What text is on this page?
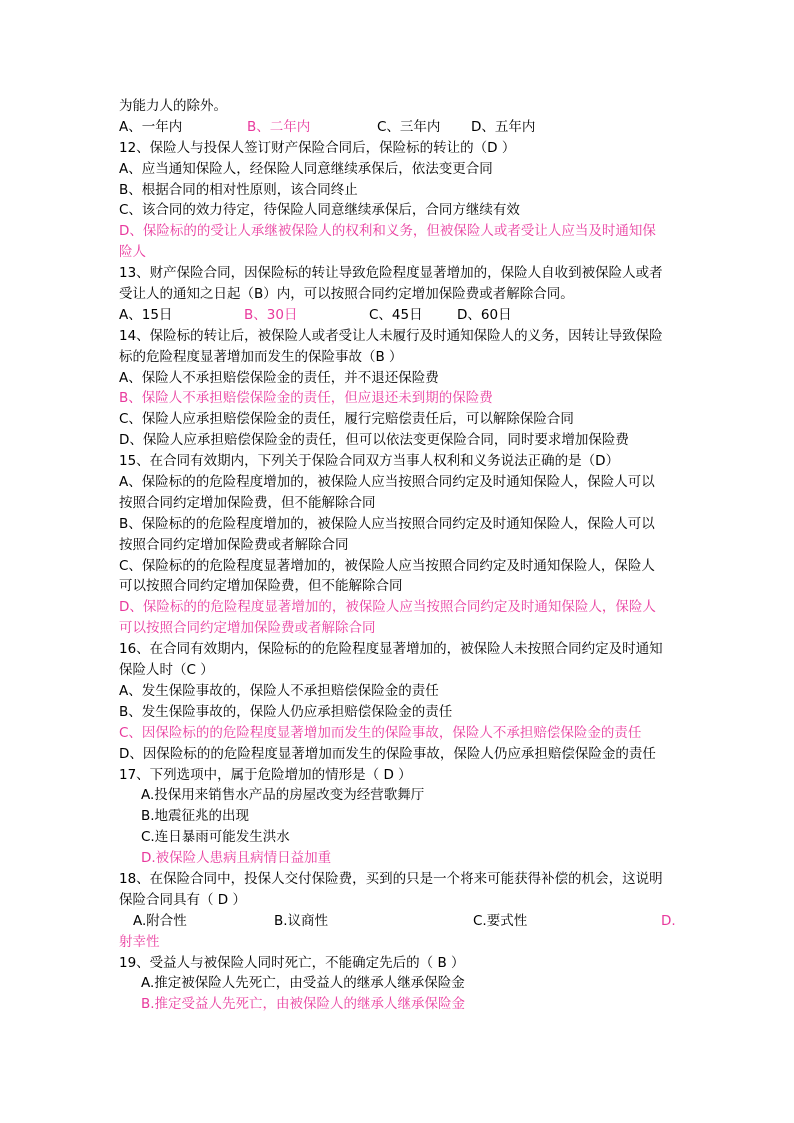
为能力人的除外。
A、一年内	B、二年内	C、三年内	D、五年内
12、保险人与投保人签订财产保险合同后，保险标的转让的（D ）
A、应当通知保险人，经保险人同意继续承保后，依法变更合同
B、根据合同的相对性原则，该合同终止
C、该合同的效力待定，待保险人同意继续承保后，合同方继续有效
D、保险标的的受让人承继被保险人的权利和义务，但被保险人或者受让人应当及时通知保
险人
13、财产保险合同，因保险标的转让导致危险程度显著增加的，保险人自收到被保险人或者
受让人的通知之日起（B）内，可以按照合同约定增加保险费或者解除合同。
A、15日	B、30日	C、45日	D、60日
14、保险标的转让后，被保险人或者受让人未履行及时通知保险人的义务，因转让导致保险
标的危险程度显著增加而发生的保险事故（B ）
A、保险人不承担赔偿保险金的责任，并不退还保险费
B、保险人不承担赔偿保险金的责任，但应退还未到期的保险费
C、保险人应承担赔偿保险金的责任，履行完赔偿责任后，可以解除保险合同
D、保险人应承担赔偿保险金的责任，但可以依法变更保险合同，同时要求增加保险费
15、在合同有效期内，下列关于保险合同双方当事人权利和义务说法正确的是（D）
A、保险标的的危险程度增加的，被保险人应当按照合同约定及时通知保险人，保险人可以
按照合同约定增加保险费，但不能解除合同
B、保险标的的危险程度增加的，被保险人应当按照合同约定及时通知保险人，保险人可以
按照合同约定增加保险费或者解除合同
C、保险标的的危险程度显著增加的，被保险人应当按照合同约定及时通知保险人，保险人
可以按照合同约定增加保险费，但不能解除合同
D、保险标的的危险程度显著增加的，被保险人应当按照合同约定及时通知保险人，保险人
可以按照合同约定增加保险费或者解除合同
16、在合同有效期内，保险标的的危险程度显著增加的，被保险人未按照合同约定及时通知
保险人时（C ）
A、发生保险事故的，保险人不承担赔偿保险金的责任
B、发生保险事故的，保险人仍应承担赔偿保险金的责任
C、因保险标的的危险程度显著增加而发生的保险事故，保险人不承担赔偿保险金的责任
D、因保险标的的危险程度显著增加而发生的保险事故，保险人仍应承担赔偿保险金的责任
17、下列选项中，属于危险增加的情形是（ D ）
A.投保用来销售水产品的房屋改变为经营歌舞厅
B.地震征兆的出现
C.连日暴雨可能发生洪水
D.被保险人患病且病情日益加重
18、在保险合同中，投保人交付保险费，买到的只是一个将来可能获得补偿的机会，这说明
保险合同具有（ D ）
A.附合性	B.议商性	C.要式性	D.
射幸性
19、受益人与被保险人同时死亡，不能确定先后的（ B ）
A.推定被保险人先死亡，由受益人的继承人继承保险金
B.推定受益人先死亡，由被保险人的继承人继承保险金
